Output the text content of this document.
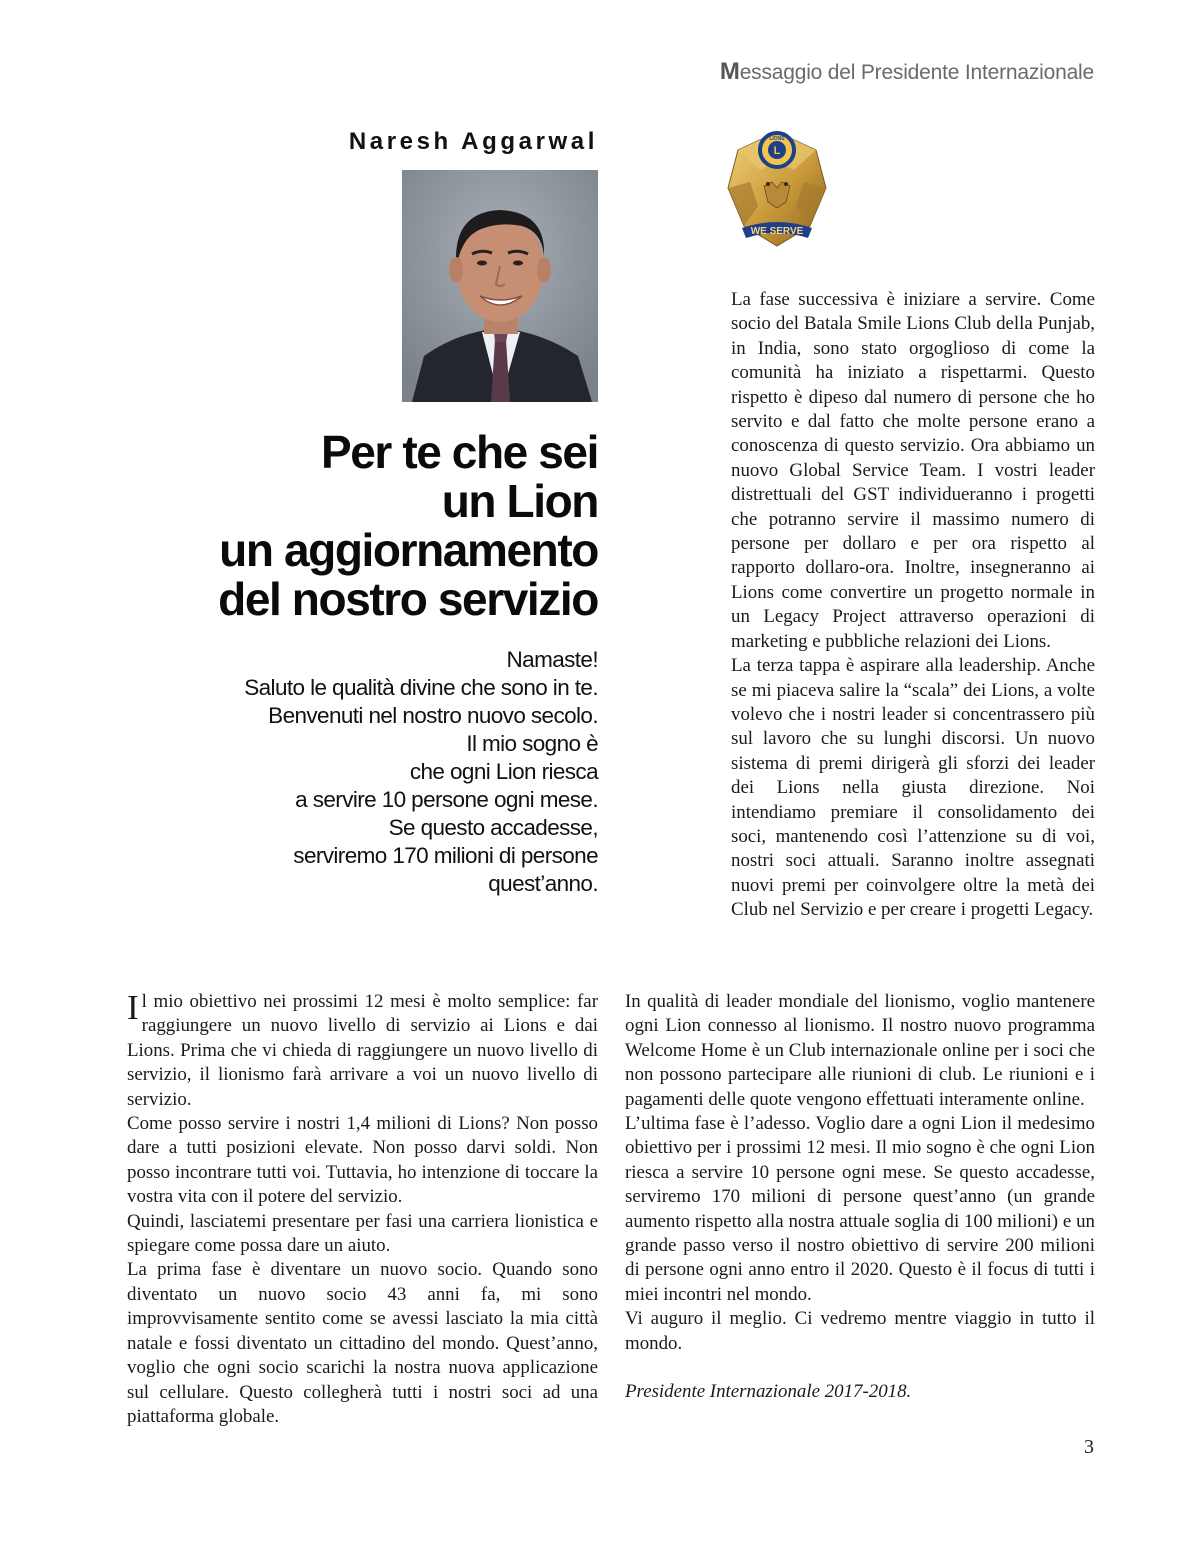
Messaggio del Presidente Internazionale
Naresh Aggarwal	L
LIONS
WE SERVE
Per te che sei
un Lion
un aggiornamento
del nostro servizio
Namaste!
Saluto le qualità divine che sono in te.
Benvenuti nel nostro nuovo secolo.
Il mio sogno è
che ogni Lion riesca
a servire 10 persone ogni mese.
Se questo accadesse,
serviremo 170 milioni di persone
quest’anno.

La fase successiva è iniziare a servire. Come socio del Batala Smile Lions Club della Punjab, in India, sono stato orgoglioso di come la comunità ha iniziato a rispettarmi. Questo rispetto è dipeso dal numero di persone che ho servito e dal fatto che molte persone erano a conoscenza di questo servizio. Ora abbiamo un nuovo Global Service Team. I vostri leader distrettuali del GST individueranno i progetti che potranno servire il massimo numero di persone per dollaro e per ora rispetto al rapporto dollaro-ora. Inoltre, insegneranno ai Lions come convertire un progetto normale in un Legacy Project attraverso operazioni di marketing e pubbliche relazioni dei Lions.

La terza tappa è aspirare alla leadership. Anche se mi piaceva salire la “scala” dei Lions, a volte volevo che i nostri leader si concentrassero più sul lavoro che su lunghi discorsi. Un nuovo sistema di premi dirigerà gli sforzi dei leader dei Lions nella giusta direzione. Noi intendiamo premiare il consolidamento dei soci, mantenendo così l’attenzione su di voi, nostri soci attuali. Saranno inoltre assegnati nuovi premi per coinvolgere oltre la metà dei Club nel Servizio e per creare i progetti Legacy.

Il mio obiettivo nei prossimi 12 mesi è molto semplice: far raggiungere un nuovo livello di servizio ai Lions e dai Lions. Prima che vi chieda di raggiungere un nuovo livello di servizio, il lionismo farà arrivare a voi un nuovo livello di servizio.

Come posso servire i nostri 1,4 milioni di Lions? Non posso dare a tutti posizioni elevate. Non posso darvi soldi. Non posso incontrare tutti voi. Tuttavia, ho intenzione di toccare la vostra vita con il potere del servizio.

Quindi, lasciatemi presentare per fasi una carriera lionistica e spiegare come possa dare un aiuto.

La prima fase è diventare un nuovo socio. Quando sono diventato un nuovo socio 43 anni fa, mi sono improvvisamente sentito come se avessi lasciato la mia città natale e fossi diventato un cittadino del mondo. Quest’anno, voglio che ogni socio scarichi la nostra nuova applicazione sul cellulare. Questo collegherà tutti i nostri soci ad una piattaforma globale.

In qualità di leader mondiale del lionismo, voglio mantenere ogni Lion connesso al lionismo. Il nostro nuovo programma Welcome Home è un Club internazionale online per i soci che non possono partecipare alle riunioni di club. Le riunioni e i pagamenti delle quote vengono effettuati interamente online.

L’ultima fase è l’adesso. Voglio dare a ogni Lion il medesimo obiettivo per i prossimi 12 mesi. Il mio sogno è che ogni Lion riesca a servire 10 persone ogni mese. Se questo accadesse, serviremo 170 milioni di persone quest’anno (un grande aumento rispetto alla nostra attuale soglia di 100 milioni) e un grande passo verso il nostro obiettivo di servire 200 milioni di persone ogni anno entro il 2020. Questo è il focus di tutti i miei incontri nel mondo.

Vi auguro il meglio. Ci vedremo mentre viaggio in tutto il mondo.

Presidente Internazionale 2017-2018.

3
